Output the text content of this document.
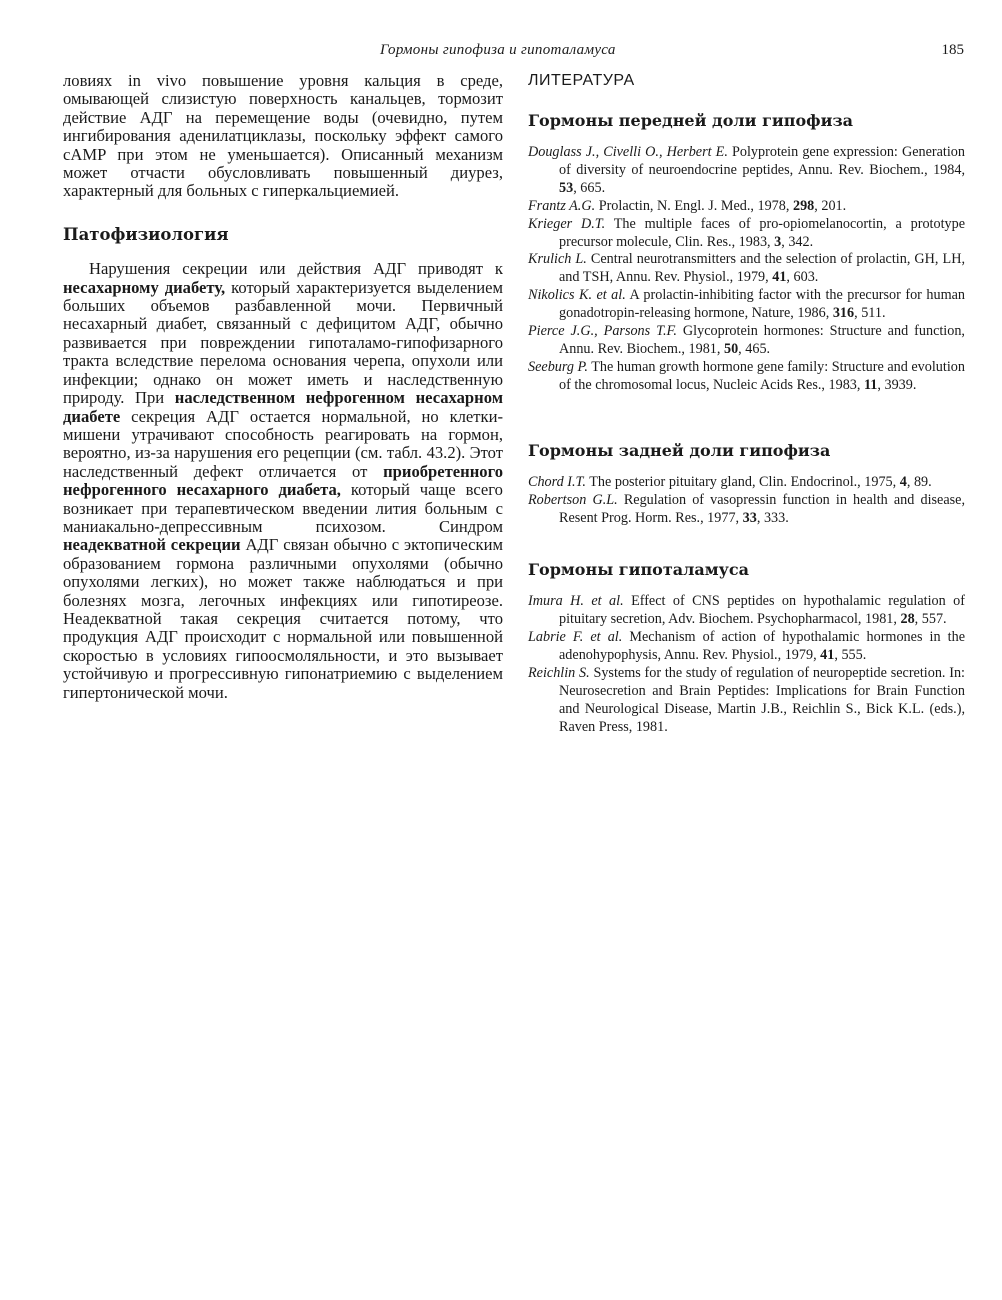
Гормоны гипофиза и гипоталамуса	185

ловиях in vivo повышение уровня кальция в среде, омывающей слизистую поверхность канальцев, тормозит действие АДГ на перемещение воды (очевидно, путем ингибирования аденилатциклазы, поскольку эффект самого cAMP при этом не уменьшается). Описанный механизм может отчасти обусловливать повышенный диурез, характерный для больных с гиперкальциемией.

Патофизиология

Нарушения секреции или действия АДГ приводят к несахарному диабету, который характеризуется выделением больших объемов разбавленной мочи. Первичный несахарный диабет, связанный с дефицитом АДГ, обычно развивается при повреждении гипоталамо-гипофизарного тракта вследствие перелома основания черепа, опухоли или инфекции; однако он может иметь и наследственную природу. При наследственном нефрогенном несахарном диабете секреция АДГ остается нормальной, но клетки-мишени утрачивают способность реагировать на гормон, вероятно, из-за нарушения его рецепции (см. табл. 43.2). Этот наследственный дефект отличается от приобретенного нефрогенного несахарного диабета, который чаще всего возникает при терапевтическом введении лития больным с маниакально-депрессивным психозом. Синдром неадекватной секреции АДГ связан обычно с эктопическим образованием гормона различными опухолями (обычно опухолями легких), но может также наблюдаться и при болезнях мозга, легочных инфекциях или гипотиреозе. Неадекватной такая секреция считается потому, что продукция АДГ происходит с нормальной или повышенной скоростью в условиях гипоосмоляльности, и это вызывает устойчивую и прогрессивную гипонатриемию с выделением гипертонической мочи.

ЛИТЕРАТУРА
Гормоны передней доли гипофиза

Douglass J., Civelli O., Herbert E. Polyprotein gene expression: Generation of diversity of neuroendocrine peptides, Annu. Rev. Biochem., 1984, 53, 665.

Frantz A.G. Prolactin, N. Engl. J. Med., 1978, 298, 201.

Krieger D.T. The multiple faces of pro-opiomelanocortin, a prototype precursor molecule, Clin. Res., 1983, 3, 342.

Krulich L. Central neurotransmitters and the selection of prolactin, GH, LH, and TSH, Annu. Rev. Physiol., 1979, 41, 603.

Nikolics K. et al. A prolactin-inhibiting factor with the precursor for human gonadotropin-releasing hormone, Nature, 1986, 316, 511.

Pierce J.G., Parsons T.F. Glycoprotein hormones: Structure and function, Annu. Rev. Biochem., 1981, 50, 465.

Seeburg P. The human growth hormone gene family: Structure and evolution of the chromosomal locus, Nucleic Acids Res., 1983, 11, 3939.

Гормоны задней доли гипофиза

Chord I.T. The posterior pituitary gland, Clin. Endocrinol., 1975, 4, 89.

Robertson G.L. Regulation of vasopressin function in health and disease, Resent Prog. Horm. Res., 1977, 33, 333.

Гормоны гипоталамуса

Imura H. et al. Effect of CNS peptides on hypothalamic regulation of pituitary secretion, Adv. Biochem. Psychopharmacol, 1981, 28, 557.

Labrie F. et al. Mechanism of action of hypothalamic hormones in the adenohypophysis, Annu. Rev. Physiol., 1979, 41, 555.

Reichlin S. Systems for the study of regulation of neuropeptide secretion. In: Neurosecretion and Brain Peptides: Implications for Brain Function and Neurological Disease, Martin J.B., Reichlin S., Bick K.L. (eds.), Raven Press, 1981.
